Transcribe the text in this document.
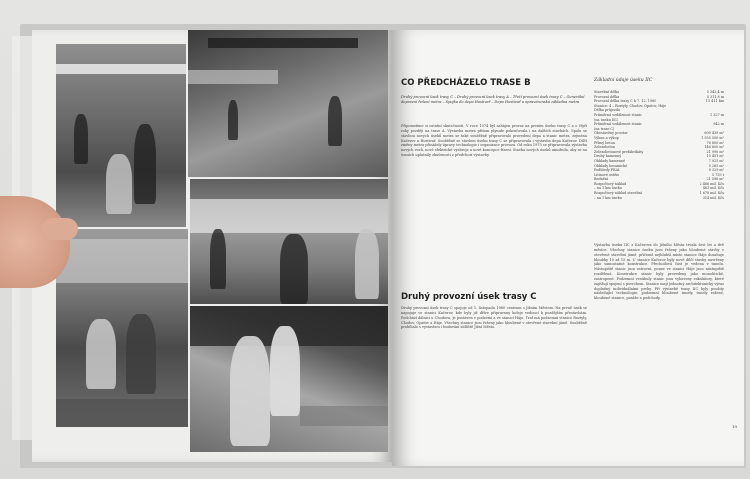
CO PŘEDCHÁZELO TRASE B
Druhý provozní úsek trasy C – Druhý provozní úsek trasy A – Třetí provozní úsek trasy C – Generální dopravní řešení metra – Spojka do depa Hostivař – Depo Hostivař a opravárenská základna metra
Připomeňme si ostatní skutečnosti. V roce 1974 byl zahájen provoz na prvním úseku trasy C a o čtyři roky později na trase A. Výstavba metra přitom plynule pokračovala i na dalších stavbách. Spolu se stavbou nových úseků metra se také souběžně připravovalo provedení depa a stanic metra, zejména Kačerov a Hostivař. Souběžně se stavbou úseku trasy C se připravovala i výstavba depa Kačerov. Dílčí změny metra přinášely úpravy technologie i organizace provozu. Od roku 1975 se připravovala výstavba nových vozů, nové elektrické výzbroje a nové koncepce řízení. Stavba nových úseků umožnila, aby se na trasách uplatnily zkušenosti z předchozí výstavby.
Druhý provozní úsek trasy C
Druhý provozní úsek trasy C spojuje od 1. listopadu 1980 centrum s Jižním Městem. Na prvně úsek se napojuje ve stanici Kačerov, kde byly již dříve připraveny koleje vedoucí k pozdějším přestavbám. Podchází dálnici u Chodova, je postaven v podzemí a ve stanici Háje. Trať má podzemní stanice Roztyly, Chodov, Opatov a Háje. Všechny stanice jsou řešeny jako hloubené v otevřené stavební jámě. Souběžně probíhalo s výstavbou i budování sídliště Jižní Město.
Základní údaje úseku IIC
Stavební délka	5 343,4 m
Provozní délka	5 311,8 m
Provozní délka trasy C k 7. 12. 1980	11 411 km
Stanice: 4 – Roztyly, Chodov, Opatov, Háje
Délka průjezdu
Průměrná vzdálenost stanic	1 327 m
(na úseku IIC)
Průměrná vzdálenost stanic	942 m
(na trase C)
Obestavěný prostor	609 439 m³
Výkon a výkop	1 555 500 m³
Přímý beton	76 800 m³
Železobeton	146 600 m³
Železobetonové prefabrikáty	21 990 m³
Druhý kamenný	15 451 m²
Obklady kamenné	7 925 m²
Obklady keramické	5 265 m²
Podhledy FEAL	8 329 m²
Litinové ostění	5 759 t
Bednění	21 596 m²
Rozpočtový náklad	2 466 mil. Kčs
– na 1 km úseku	463 mil. Kčs
Rozpočtový náklad stavební	1 678 mil. Kčs
– na 1 km úseku	314 mil. Kčs
Výstavba úseku IIC z Kačerova do Jižního Města trvala šest let a dvě měsíce. Všechny stanice úseku jsou řešeny jako hloubené stavby v otevřené stavební jámě, přičemž nejhlubší místo stanice Háje dosahuje hloubky 10 až 15 m. U stanice Kačerov byly nové dílčí stavby navrženy jako samostatné konstrukce. Přechodová část je vedena v tunelu. Nástupiště stanic jsou ostrovní, pouze ve stanici Háje jsou nástupiště rozdělená. Konstrukce stanic byly provedeny jako monolitické, zastropené. Podzemní vestibuly stanic jsou vybaveny eskalátory, které zajišťují spojení s povrchem. Stanice mají jednotný architektonický výraz doplněný individuálními prvky. Při výstavbě trasy IIC byly použity následující technologie: podzemní hloubené tunely, tunely ražené, hloubené stanice, pasáže a podchody.
19
